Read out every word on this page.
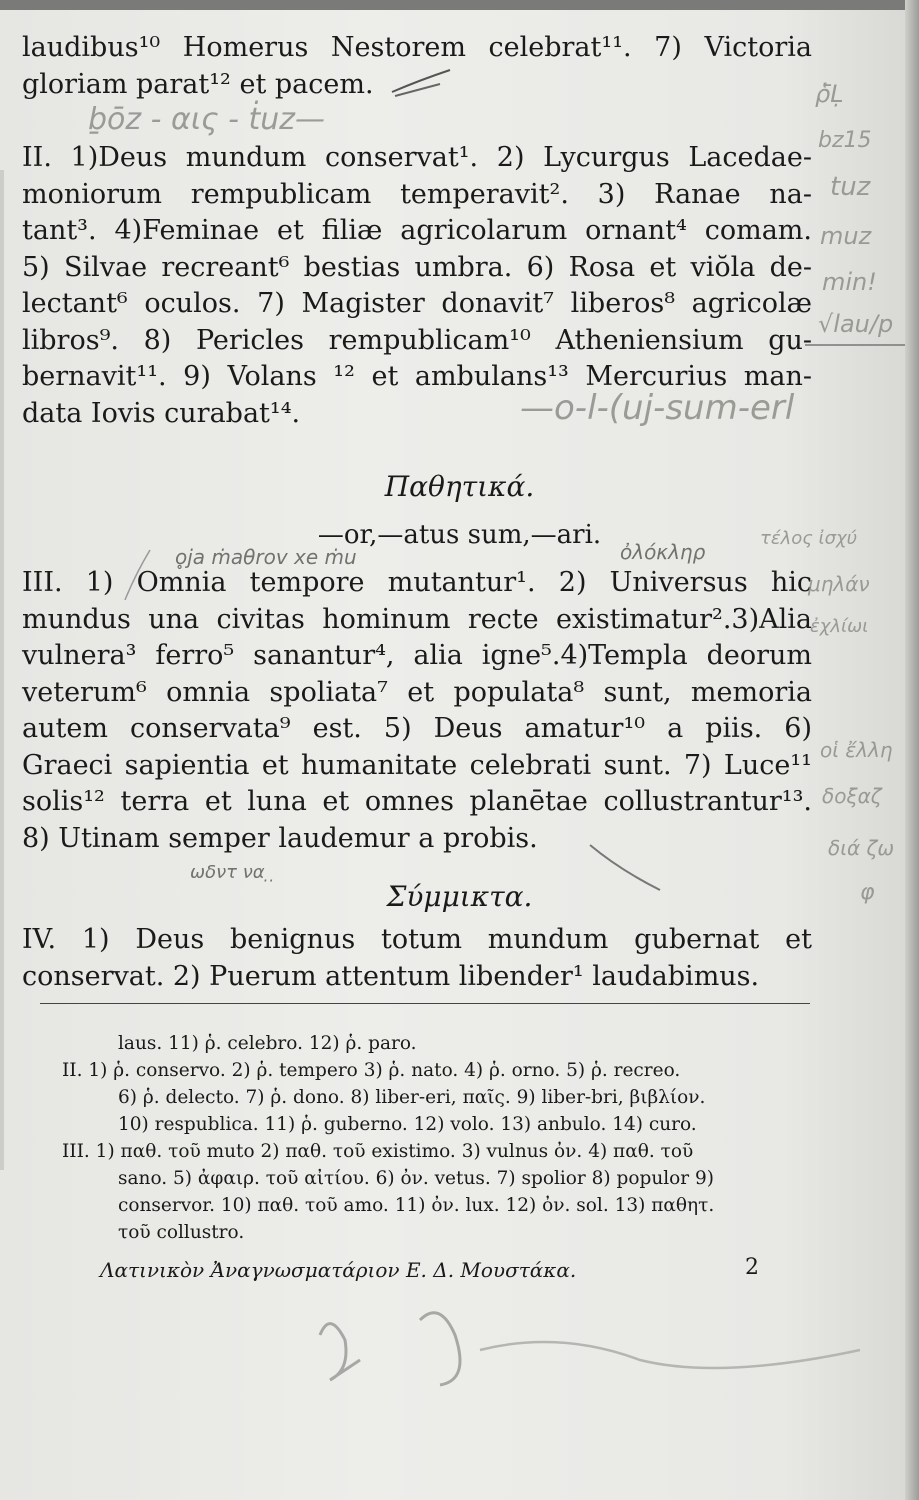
laudibus¹⁰ Homerus Nestorem celebrat¹¹. 7) Victoria
gloriam parat¹² et pacem.
II. 1)Deus mundum conservat¹. 2) Lycurgus Lacedae-
moniorum rempublicam temperavit². 3) Ranae na-
tant³. 4)Feminae et filiæ agricolarum ornant⁴ comam.
5) Silvae recreant⁶ bestias umbra. 6) Rosa et viŏla de-
lectant⁶ oculos. 7) Magister donavit⁷ liberos⁸ agricolæ
libros⁹. 8) Pericles rempublicam¹⁰ Atheniensium gu-
bernavit¹¹. 9) Volans ¹² et ambulans¹³ Mercurius man-
data Iovis curabat¹⁴.
Παθητικά.
—or,—atus sum,—ari.
III. 1) Omnia tempore mutantur¹. 2) Universus hic
mundus una civitas hominum recte existimatur².3)Alia
vulnera³ ferro⁵ sanantur⁴, alia igne⁵.4)Templa deorum
veterum⁶ omnia spoliata⁷ et populata⁸ sunt, memoria
autem conservata⁹ est. 5) Deus amatur¹⁰ a piis. 6)
Graeci sapientia et humanitate celebrati sunt. 7) Luce¹¹
solis¹² terra et luna et omnes planētae collustrantur¹³.
8) Utinam semper laudemur a probis.
Σύμμικτα.
IV. 1) Deus benignus totum mundum gubernat et
conservat. 2) Puerum attentum libender¹ laudabimus.
laus. 11) ῥ. celebro. 12) ῥ. paro.
II. 1) ῥ. conservo. 2) ῥ. tempero 3) ῥ. nato. 4) ῥ. orno. 5) ῥ. recreo.
6) ῥ. delecto. 7) ῥ. dono. 8) liber-eri, παῖς. 9) liber-bri, βιβλίον.
10) respublica. 11) ῥ. guberno. 12) volo. 13) anbulo. 14) curo.
III. 1) παθ. τοῦ muto 2) παθ. τοῦ existimo. 3) vulnus ὀν. 4) παθ. τοῦ
sano. 5) ἀφαιρ. τοῦ αἰτίου. 6) ὀν. vetus. 7) spolior 8) populor 9)
conservor. 10) παθ. τοῦ amo. 11) ὀν. lux. 12) ὀν. sol. 13) παθητ.
τοῦ collustro.
Λατινικὸν Ἀναγνωσματάριον Ε. Δ. Μουστάκα.	2
ḇōz - αις - ṫuz—
—o-l-(uj-sum-erl
o̥ja ṁaθrov xe ṁu	ὀλόκληρ
ῥ̄Ḷ
bz15
tuz
muz
min!
√lau/p
τέλος ἰσχύ
μηλάν
ἐχλίωι
οἱ ἔλλη
δοξαζ
διά ζω
φ
ωδντ να ̣ ̣
